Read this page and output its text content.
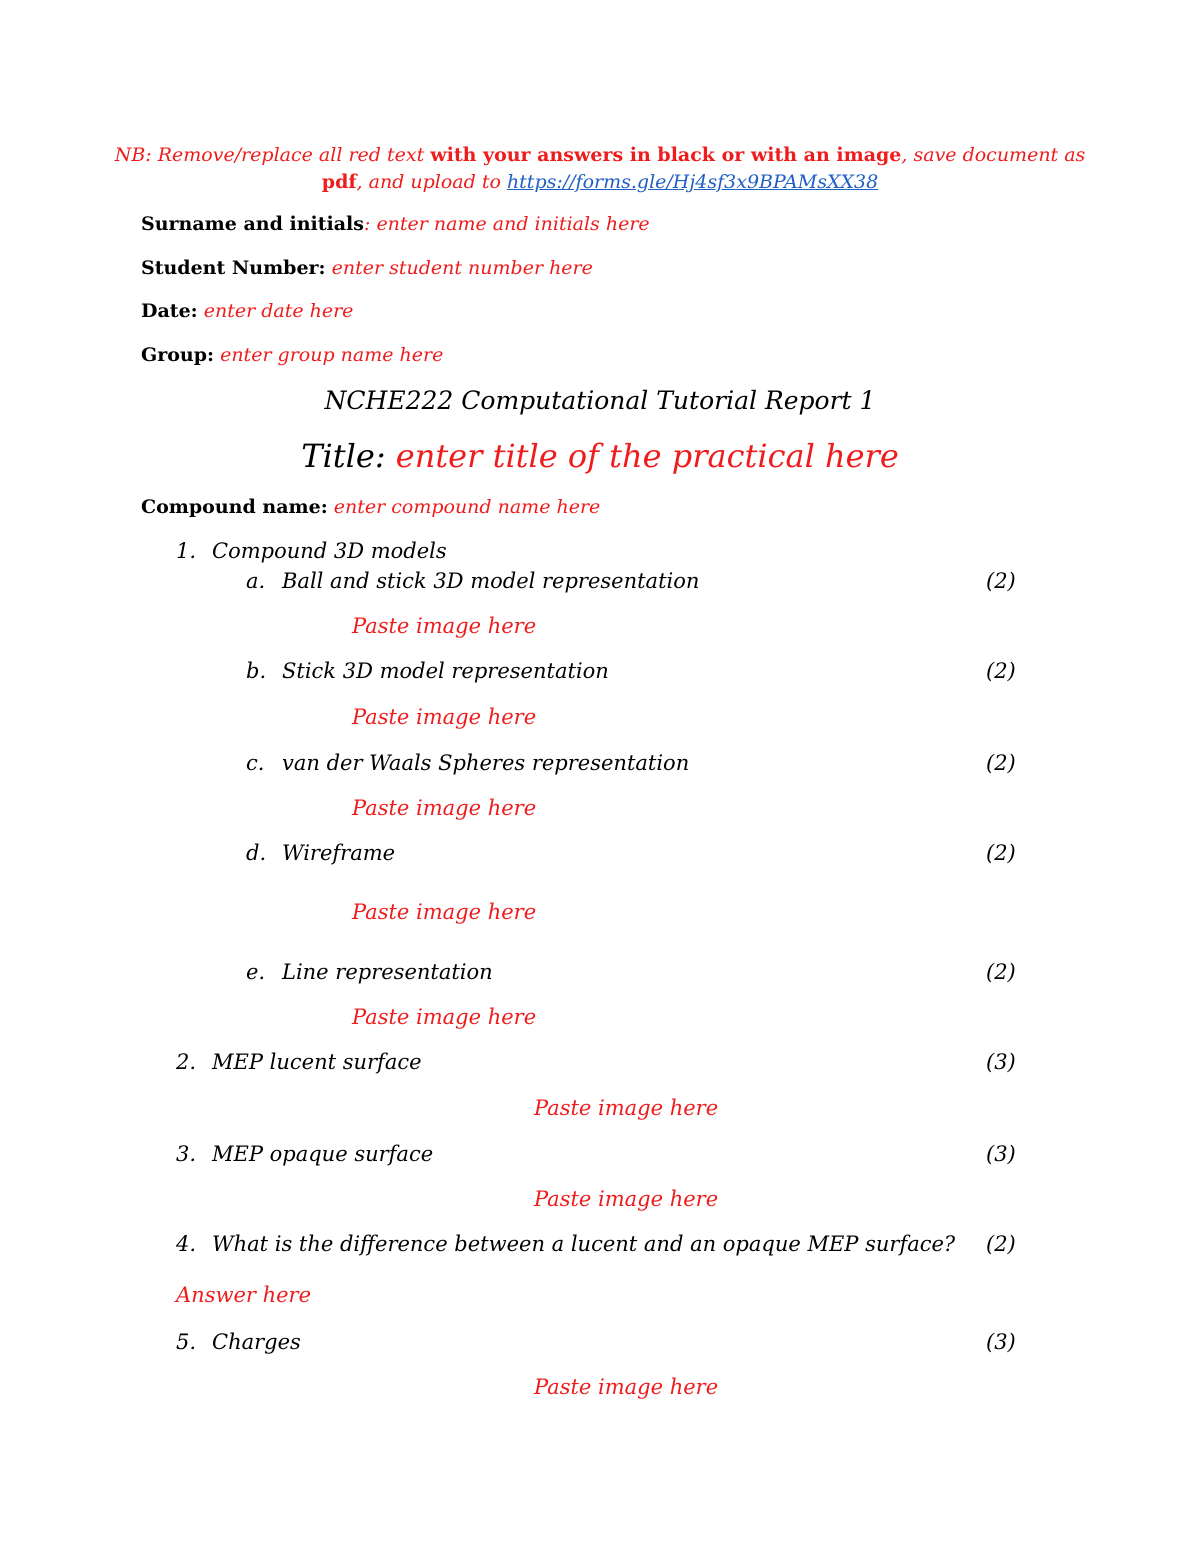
NB: Remove/replace all red text with your answers in black or with an image, save document as
pdf, and upload to https://forms.gle/Hj4sf3x9BPAMsXX38
Surname and initials: enter name and initials here
Student Number: enter student number here
Date: enter date here
Group: enter group name here
NCHE222 Computational Tutorial Report 1
Title: enter title of the practical here
Compound name: enter compound name here
1. Compound 3D models
a. Ball and stick 3D model representation	(2)
Paste image here
b. Stick 3D model representation	(2)
Paste image here
c. van der Waals Spheres representation	(2)
Paste image here
d. Wireframe	(2)
Paste image here
e. Line representation	(2)
Paste image here
2. MEP lucent surface	(3)
Paste image here
3. MEP opaque surface	(3)
Paste image here
4. What is the difference between a lucent and an opaque MEP surface? (2)
Answer here
5. Charges	(3)
Paste image here
